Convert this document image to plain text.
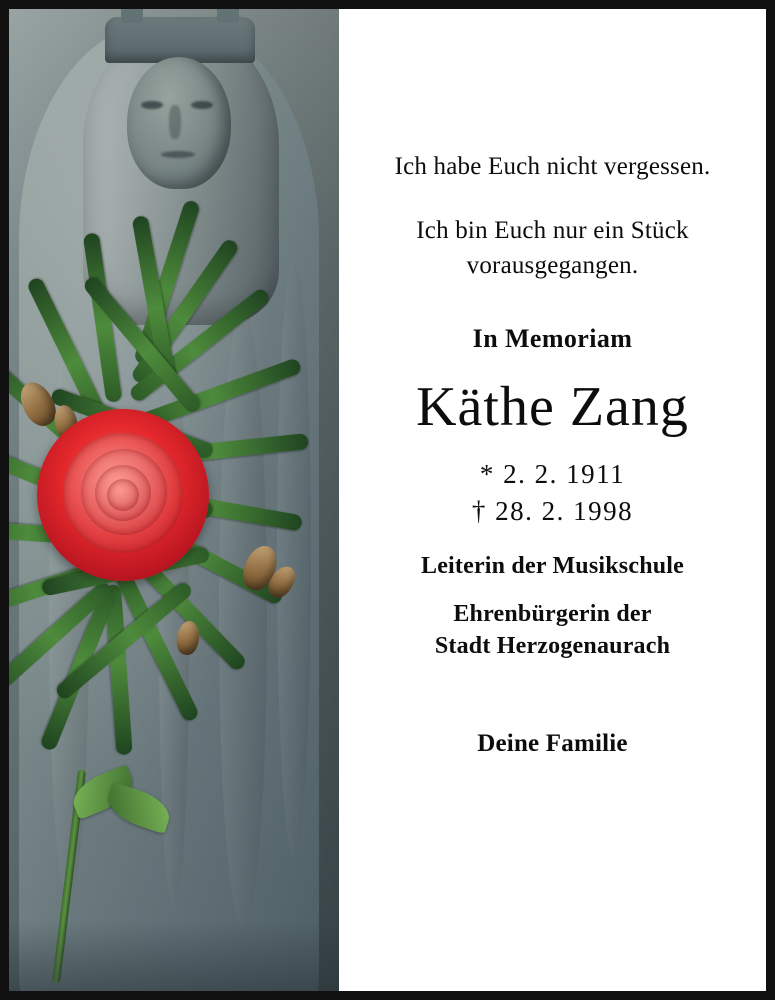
Ich habe Euch nicht vergessen.
Ich bin Euch nur ein Stück
vorausgegangen.
In Memoriam
Käthe Zang
* 2. 2. 1911
† 28. 2. 1998
Leiterin der Musikschule
Ehrenbürgerin der
Stadt Herzogenaurach
Deine Familie
